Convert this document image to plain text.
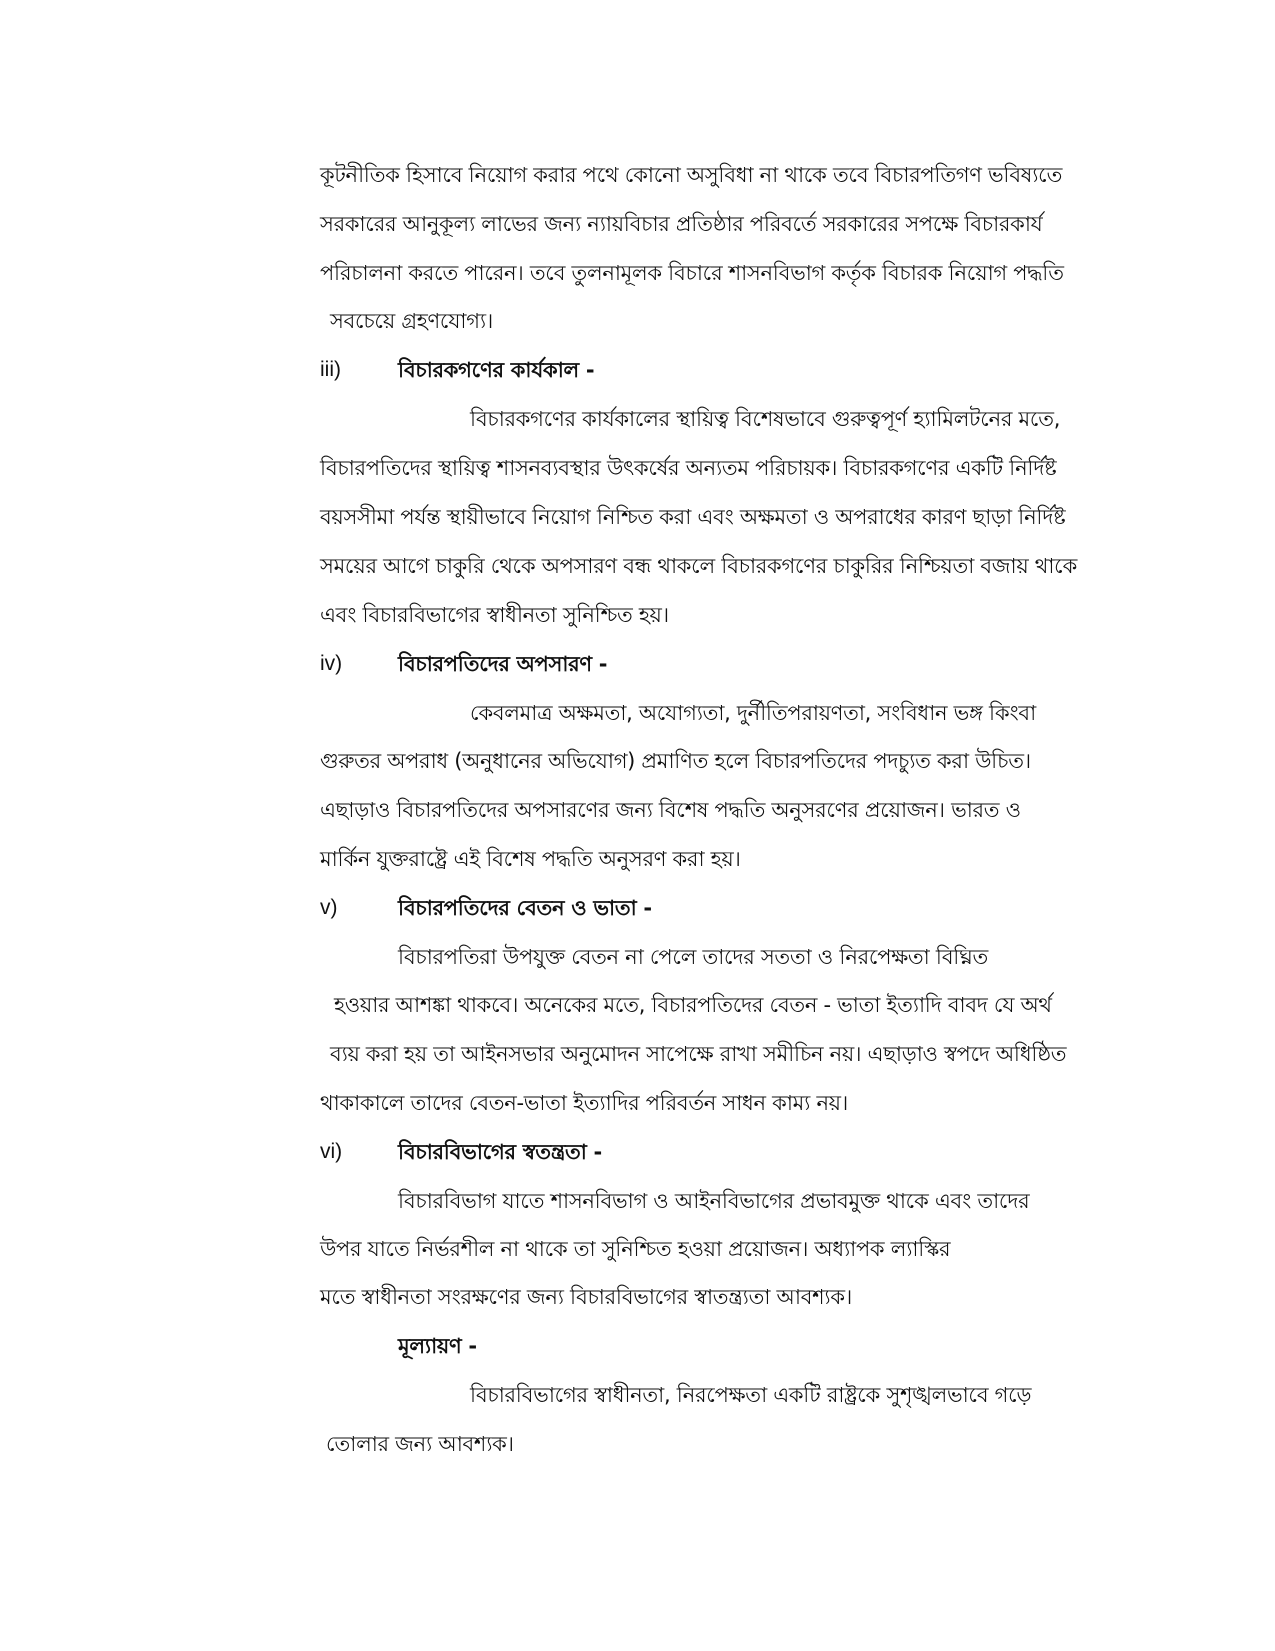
কূটনীতিক হিসাবে নিয়োগ করার পথে কোনো অসুবিধা না থাকে তবে বিচারপতিগণ ভবিষ্যতে
সরকারের আনুকূল্য লাভের জন্য ন্যায়বিচার প্রতিষ্ঠার পরিবর্তে সরকারের সপক্ষে বিচারকার্য
পরিচালনা করতে পারেন। তবে তুলনামূলক বিচারে শাসনবিভাগ কর্তৃক বিচারক নিয়োগ পদ্ধতি
সবচেয়ে গ্রহণযোগ্য।
iii)	বিচারকগণের কার্যকাল -
বিচারকগণের কার্যকালের স্থায়িত্ব বিশেষভাবে গুরুত্বপূর্ণ হ্যামিলটনের মতে,
বিচারপতিদের স্থায়িত্ব শাসনব্যবস্থার উৎকর্ষের অন্যতম পরিচায়ক। বিচারকগণের একটি নির্দিষ্ট
বয়সসীমা পর্যন্ত স্থায়ীভাবে নিয়োগ নিশ্চিত করা এবং অক্ষমতা ও অপরাধের কারণ ছাড়া নির্দিষ্ট
সময়ের আগে চাকুরি থেকে অপসারণ বন্ধ থাকলে বিচারকগণের চাকুরির নিশ্চিয়তা বজায় থাকে
এবং বিচারবিভাগের স্বাধীনতা সুনিশ্চিত হয়।
iv)	বিচারপতিদের অপসারণ -
কেবলমাত্র অক্ষমতা, অযোগ্যতা, দুর্নীতিপরায়ণতা, সংবিধান ভঙ্গ কিংবা
গুরুতর অপরাধ (অনুধানের অভিযোগ) প্রমাণিত হলে বিচারপতিদের পদচ্যুত করা উচিত।
এছাড়াও বিচারপতিদের অপসারণের জন্য বিশেষ পদ্ধতি অনুসরণের প্রয়োজন। ভারত ও
মার্কিন যুক্তরাষ্ট্রে এই বিশেষ পদ্ধতি অনুসরণ করা হয়।
v)	বিচারপতিদের বেতন ও ভাতা -
বিচারপতিরা উপযুক্ত বেতন না পেলে তাদের সততা ও নিরপেক্ষতা বিঘ্নিত
হওয়ার আশঙ্কা থাকবে। অনেকের মতে, বিচারপতিদের বেতন - ভাতা ইত্যাদি বাবদ যে অর্থ
ব্যয় করা হয় তা আইনসভার অনুমোদন সাপেক্ষে রাখা সমীচিন নয়। এছাড়াও স্বপদে অধিষ্ঠিত
থাকাকালে তাদের বেতন-ভাতা ইত্যাদির পরিবর্তন সাধন কাম্য নয়।
vi)	বিচারবিভাগের স্বতন্ত্রতা -
বিচারবিভাগ যাতে শাসনবিভাগ ও আইনবিভাগের প্রভাবমুক্ত থাকে এবং তাদের
উপর যাতে নির্ভরশীল না থাকে তা সুনিশ্চিত হওয়া প্রয়োজন। অধ্যাপক ল্যাস্কির
মতে স্বাধীনতা সংরক্ষণের জন্য বিচারবিভাগের স্বাতন্ত্র্যতা আবশ্যক।
মূল্যায়ণ -
বিচারবিভাগের স্বাধীনতা, নিরপেক্ষতা একটি রাষ্ট্রকে সুশৃঙ্খলভাবে গড়ে
তোলার জন্য আবশ্যক।
